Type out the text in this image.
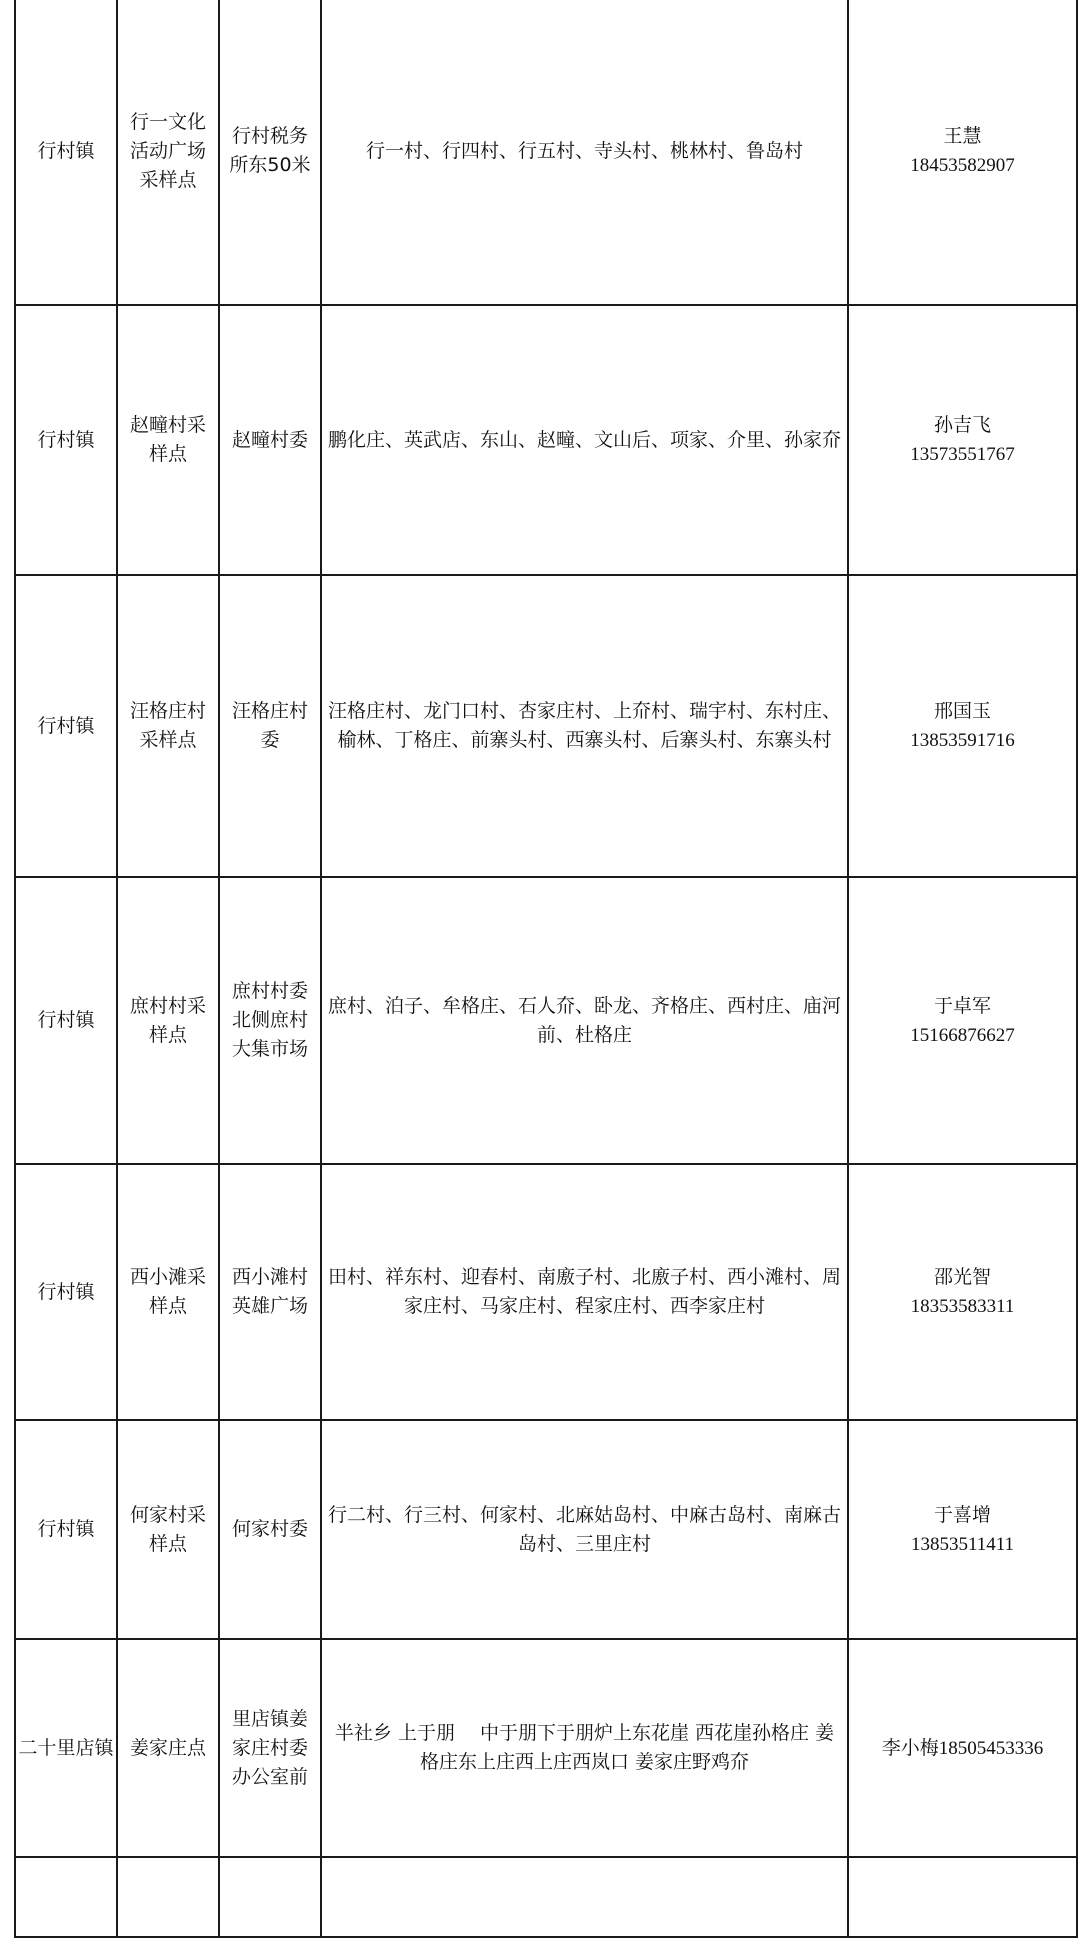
行村镇	行一文化活动广场采样点	行村税务所东50米	行一村、行四村、行五村、寺头村、桃林村、鲁岛村	王慧
18453582907

行村镇	赵疃村采样点	赵疃村委	鹏化庄、英武店、东山、赵疃、文山后、项家、介里、孙家夼	孙吉飞
13573551767

行村镇	汪格庄村采样点	汪格庄村委	汪格庄村、龙门口村、杏家庄村、上夼村、瑞宇村、东村庄、榆林、丁格庄、前寨头村、西寨头村、后寨头村、东寨头村	邢国玉
13853591716

行村镇	庶村村采样点	庶村村委北侧庶村大集市场	庶村、泊子、牟格庄、石人夼、卧龙、齐格庄、西村庄、庙河前、杜格庄	于卓军
15166876627

行村镇	西小滩采样点	西小滩村英雄广场	田村、祥东村、迎春村、南廒子村、北廒子村、西小滩村、周家庄村、马家庄村、程家庄村、西李家庄村	邵光智
18353583311

行村镇	何家村采样点	何家村委	行二村、行三村、何家村、北麻姑岛村、中麻古岛村、南麻古岛村、三里庄村	于喜增
13853511411

二十里店镇	姜家庄点	里店镇姜家庄村委办公室前	半社乡 上于朋　 中于朋下于朋炉上东花崖 西花崖孙格庄 姜格庄东上庄西上庄西岚口 姜家庄野鸡夼	李小梅18505453336
